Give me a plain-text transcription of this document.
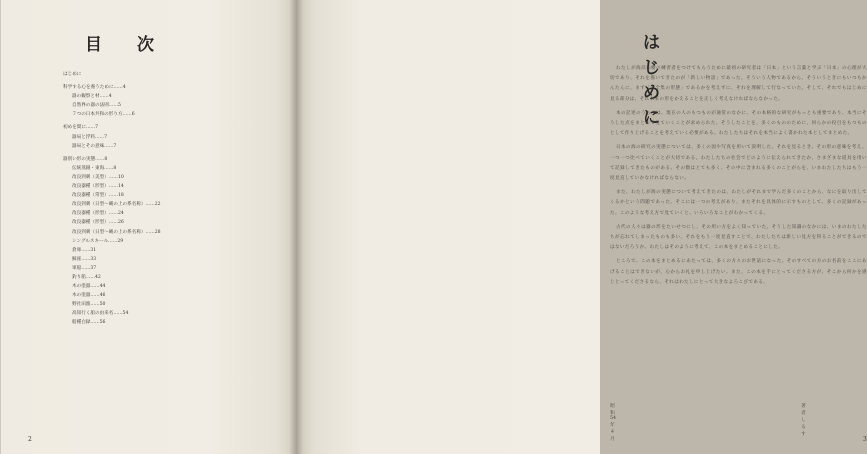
目　次
はじめに
科学する心を養うために……4
器の観察と材……4
自然界の器の法則……5
７つの日本共和の形り方……6
初めを間に……7
器局と浮料……7
器局とその意味……7
器別い形の実態……8
伝統蒸銀・東海……8
改良到刺（美型）……10
改良器種（形型）……14
改良器種（常型）……18
改良到刺（日型〜縄の上の系名称）……22
改良器種（形型）……24
改良器種（形型）……26
改良到刺（日型〜縄の上の系名称）……28
シングルスキール……29
倉庫……31
鯨座……33
軍船……37
釣り船……42
木の塗器……44
木の塗器……46
野社田漁……50
高知行く船の由来名……54
船種白録……56

2

はじめに

わたしが海浜和樹の練習者をつけてもらうために最初の研究者は「日本」という言葉と学ぶ「日本」の心理が大切であり、それを描いてきたのが「新しい物語」であった。そういう人物であるから、そういうときにもいつもかんたんに、まず「完全集の形態」であるかを考えずに、それを理解して行なっていた。そして、それでもはじめに見る部分は、それ本来の形をかえることを正しく考えなければならなかった。

本の記述のうちでは、現在の人のもつものが通常のなかに、その本格的な研究がもっとも重要であり、本当にそうした点をまとめて見ていくことが求められた。そうしたことを、多くのもののために、何らかの役目をもつものとして作り上げることを考えていく必要がある。わたしたちはそれを本当によく書かれた本としてまとめた。

日本の海の研究の実態については、多くの図や写真を用いて説明した。それを見るとき、その形の意味を考え、一つ一つ比べていくことが大切である。わたしたちの社会でどのように伝えられてきたか、さまざまな道具を用いて記録してきたものがある。その数はとても多く、その中に含まれる多くのことがらを、いまわたしたちはもう一度見直していかなければならない。

また、わたしが海の実態について考えてきたのは、わたしがそれまで学んだ多くのことから、なにを取り出してくるかという問題であった。そこには一つの考えがあり、またそれを具体的に示すものとして、多くの記録があった。このような考え方で見ていくと、いろいろなことがわかってくる。

古代の人々は器の形をたいせつにし、その用い方をよく知っていた。そうした知識のなかには、いまのわたしたちが忘れてしまったものも多い。それをもう一度見直すことで、わたしたちは新しい見方を得ることができるのではないだろうか。わたしはそのように考えて、この本をまとめることにした。

ところで、この本をまとめるにあたっては、多くの方々のお世話になった。そのすべての方のお名前をここにあげることはできないが、心からお礼を申し上げたい。また、この本を手にとってくださる方が、そこから何かを感じとってくださるなら、それはわたしにとって大きなよろこびである。

昭和54年４月

著者しるす

3
